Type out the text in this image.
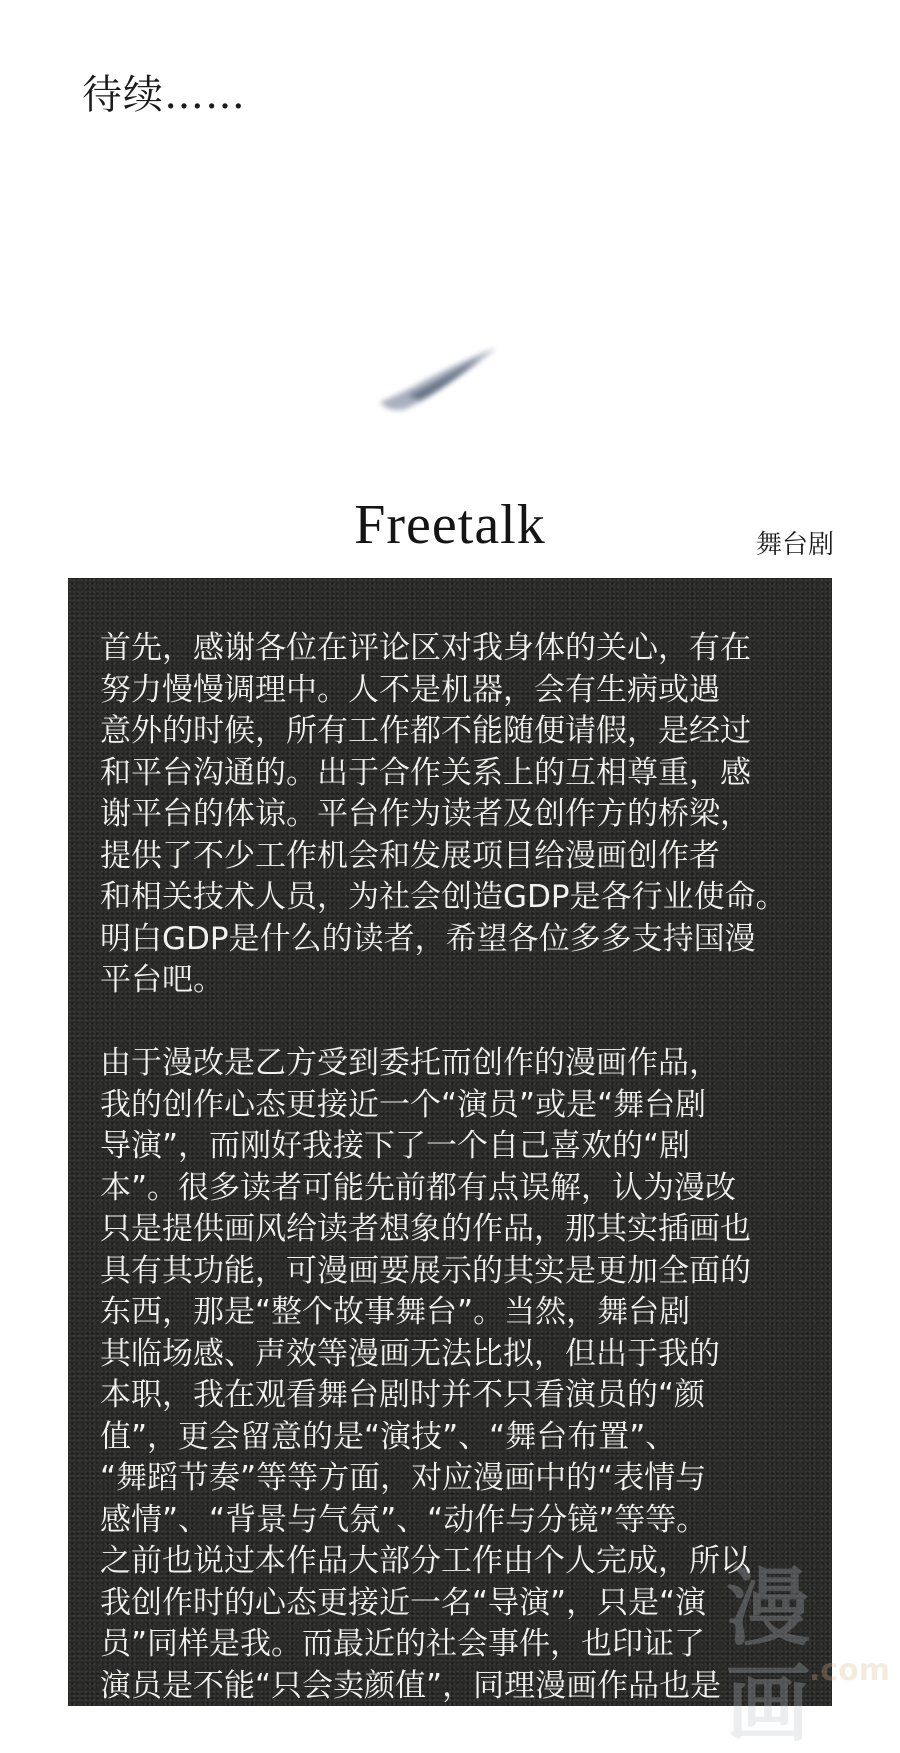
待续……
Freetalk	舞台剧

首先，感谢各位在评论区对我身体的关心，有在
努力慢慢调理中。人不是机器，会有生病或遇
意外的时候，所有工作都不能随便请假，是经过
和平台沟通的。出于合作关系上的互相尊重，感
谢平台的体谅。平台作为读者及创作方的桥梁，
提供了不少工作机会和发展项目给漫画创作者
和相关技术人员，为社会创造GDP是各行业使命。
明白GDP是什么的读者，希望各位多多支持国漫
平台吧。
由于漫改是乙方受到委托而创作的漫画作品，
我的创作心态更接近一个“演员”或是“舞台剧
导演”，而刚好我接下了一个自己喜欢的“剧
本”。很多读者可能先前都有点误解，认为漫改
只是提供画风给读者想象的作品，那其实插画也
具有其功能，可漫画要展示的其实是更加全面的
东西，那是“整个故事舞台”。当然，舞台剧
其临场感、声效等漫画无法比拟，但出于我的
本职，我在观看舞台剧时并不只看演员的“颜
值”，更会留意的是“演技”、“舞台布置”、
“舞蹈节奏”等等方面，对应漫画中的“表情与
感情”、“背景与气氛”、“动作与分镜”等等。
之前也说过本作品大部分工作由个人完成，所以
我创作时的心态更接近一名“导演”，只是“演
员”同样是我。而最近的社会事件，也印证了
演员是不能“只会卖颜值”，同理漫画作品也是
漫画
.com
